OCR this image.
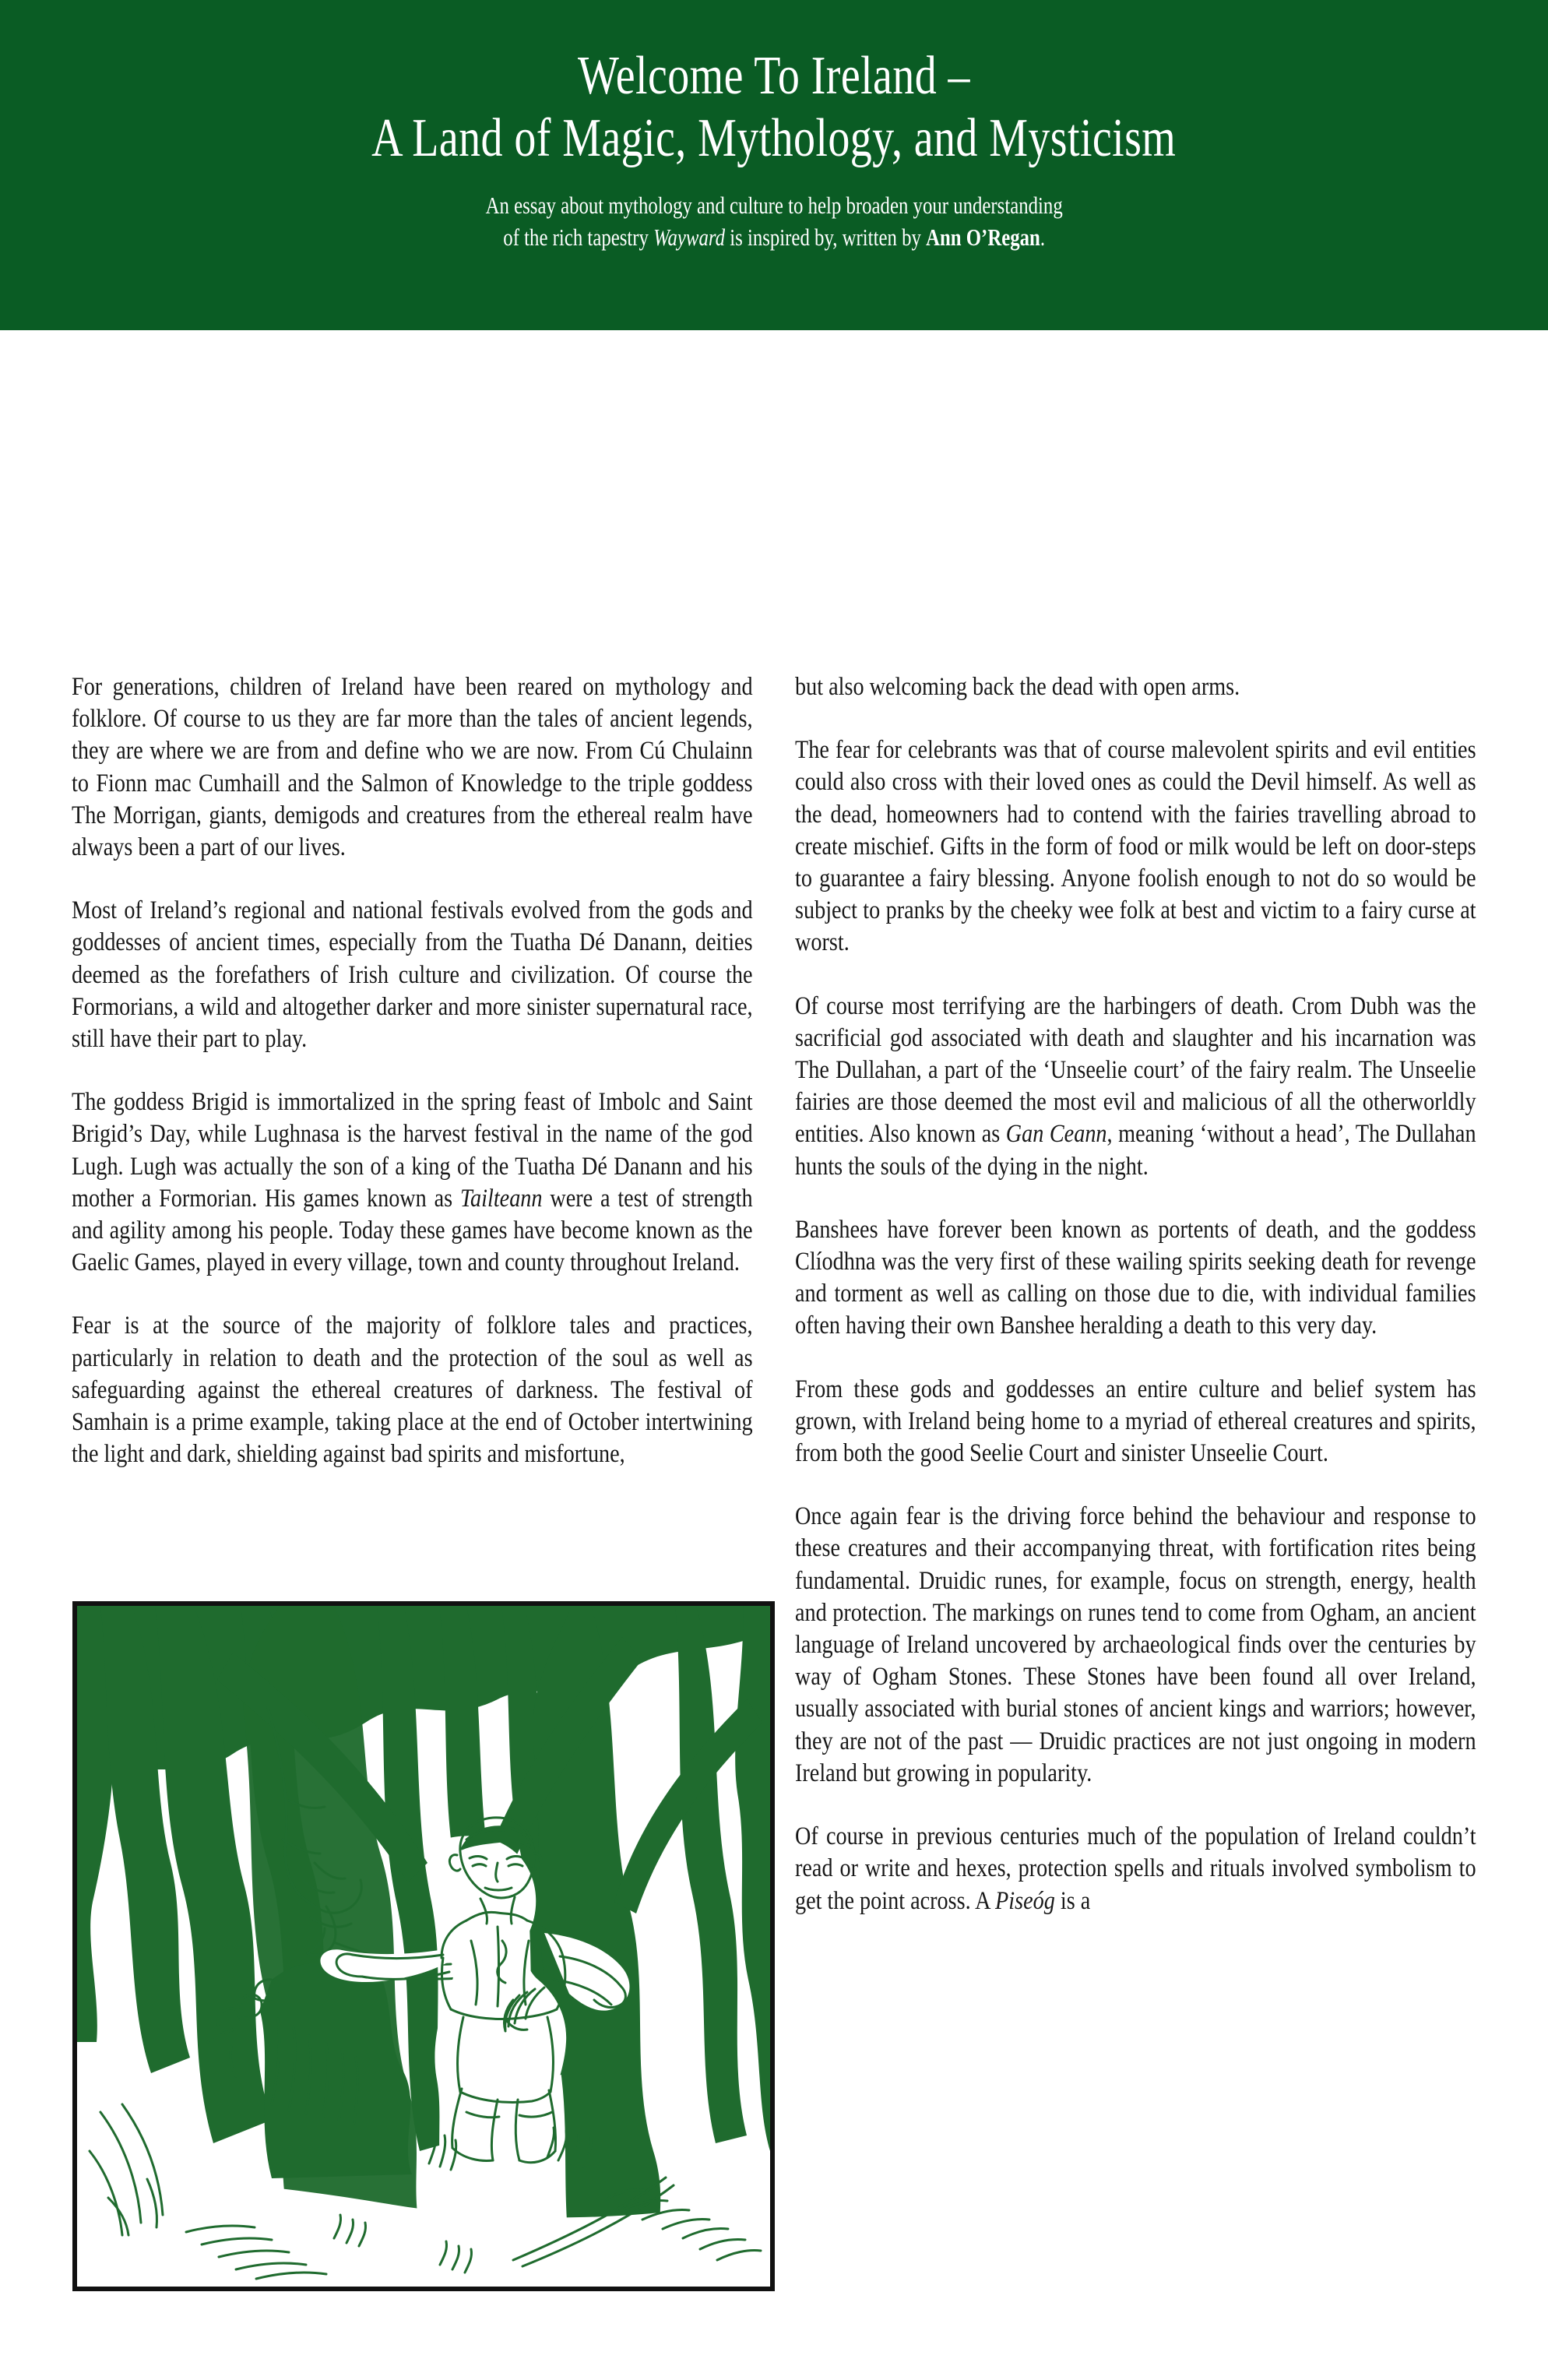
Welcome To Ireland –
A Land of Magic, Mythology, and Mysticism
An essay about mythology and culture to help broaden your understanding
of the rich tapestry Wayward is inspired by, written by Ann O’Regan.

For generations, children of Ireland have been reared on mythology and folklore. Of course to us they are far more than the tales of ancient legends, they are where we are from and define who we are now. From Cú Chulainn to Fionn mac Cumhaill and the Salmon of Knowledge to the triple goddess The Morrigan, giants, demigods and creatures from the ethereal realm have always been a part of our lives.

Most of Ireland’s regional and national festivals evolved from the gods and goddesses of ancient times, especially from the Tuatha Dé Danann, deities deemed as the forefathers of Irish culture and civilization. Of course the Formorians, a wild and altogether darker and more sinister supernatural race, still have their part to play.

The goddess Brigid is immortalized in the spring feast of Imbolc and Saint Brigid’s Day, while Lughnasa is the harvest festival in the name of the god Lugh. Lugh was actually the son of a king of the Tuatha Dé Danann and his mother a Formorian. His games known as Tailteann were a test of strength and agility among his people. Today these games have become known as the Gaelic Games, played in every village, town and county throughout Ireland.

Fear is at the source of the majority of folklore tales and practices, particularly in relation to death and the protection of the soul as well as safeguarding against the ethereal creatures of darkness. The festival of Samhain is a prime example, taking place at the end of October intertwining the light and dark, shielding against bad spirits and misfortune,

but also welcoming back the dead with open arms.

The fear for celebrants was that of course malevolent spirits and evil entities could also cross with their loved ones as could the Devil himself. As well as the dead, homeowners had to contend with the fairies travelling abroad to create mischief. Gifts in the form of food or milk would be left on door-steps to guarantee a fairy blessing. Anyone foolish enough to not do so would be subject to pranks by the cheeky wee folk at best and victim to a fairy curse at worst.

Of course most terrifying are the harbingers of death. Crom Dubh was the sacrificial god associated with death and slaughter and his incarnation was The Dullahan, a part of the ‘Unseelie court’ of the fairy realm. The Unseelie fairies are those deemed the most evil and malicious of all the otherworldly entities. Also known as Gan Ceann, meaning ‘without a head’, The Dullahan hunts the souls of the dying in the night.

Banshees have forever been known as portents of death, and the goddess Clíodhna was the very first of these wailing spirits seeking death for revenge and torment as well as calling on those due to die, with individual families often having their own Banshee heralding a death to this very day.

From these gods and goddesses an entire culture and belief system has grown, with Ireland being home to a myriad of ethereal creatures and spirits, from both the good Seelie Court and sinister Unseelie Court.

Once again fear is the driving force behind the behaviour and response to these creatures and their accompanying threat, with fortification rites being fundamental. Druidic runes, for example, focus on strength, energy, health and protection. The markings on runes tend to come from Ogham, an ancient language of Ireland uncovered by archaeological finds over the centuries by way of Ogham Stones. These Stones have been found all over Ireland, usually associated with burial stones of ancient kings and warriors; however, they are not of the past — Druidic practices are not just ongoing in modern Ireland but growing in popularity.

Of course in previous centuries much of the population of Ireland couldn’t read or write and hexes, protection spells and rituals involved symbolism to get the point across. A Piseóg is a
